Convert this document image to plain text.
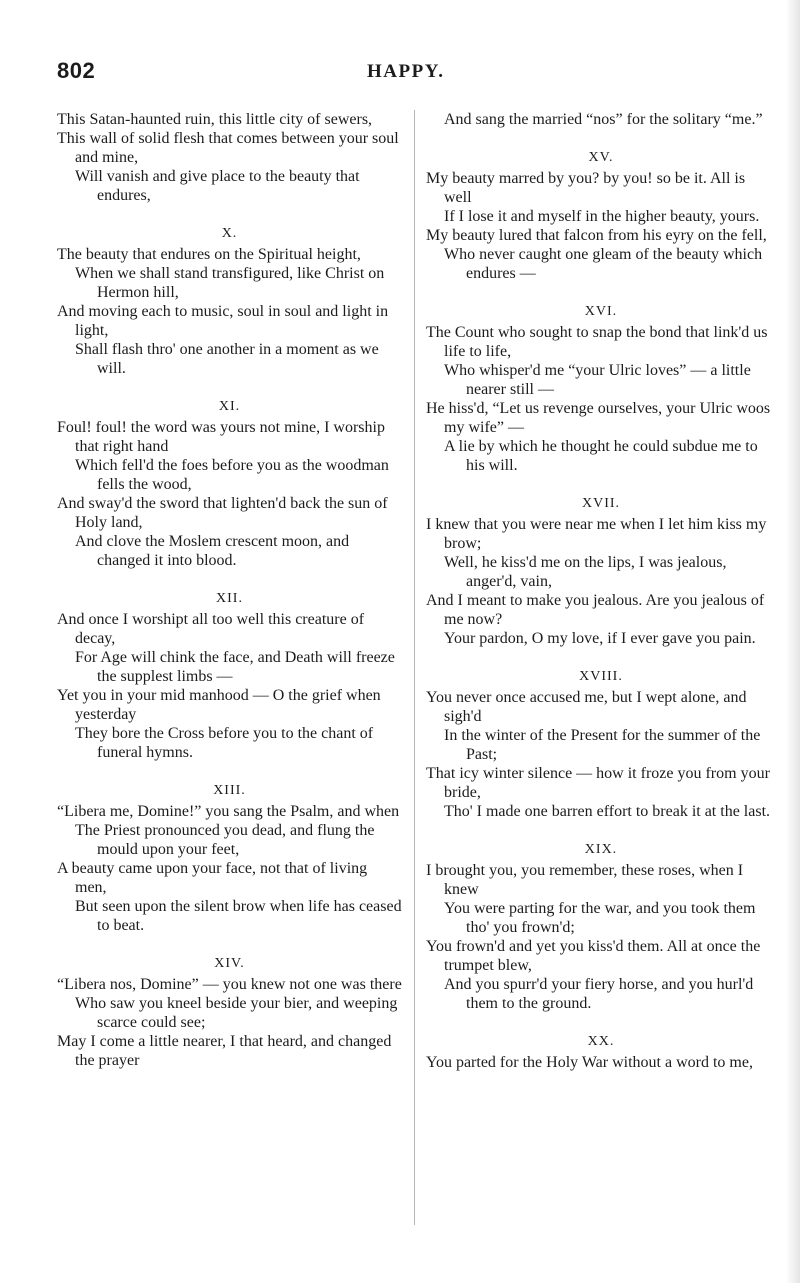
802	HAPPY.

This Satan-haunted ruin, this little city of sewers,

This wall of solid flesh that comes between your soul and mine,

Will vanish and give place to the beauty that endures,

X.

The beauty that endures on the Spiritual height,

When we shall stand transfigured, like Christ on Hermon hill,

And moving each to music, soul in soul and light in light,

Shall flash thro' one another in a moment as we will.

XI.

Foul! foul! the word was yours not mine, I worship that right hand

Which fell'd the foes before you as the woodman fells the wood,

And sway'd the sword that lighten'd back the sun of Holy land,

And clove the Moslem crescent moon, and changed it into blood.

XII.

And once I worshipt all too well this creature of decay,

For Age will chink the face, and Death will freeze the supplest limbs —

Yet you in your mid manhood — O the grief when yesterday

They bore the Cross before you to the chant of funeral hymns.

XIII.

“Libera me, Domine!” you sang the Psalm, and when

The Priest pronounced you dead, and flung the mould upon your feet,

A beauty came upon your face, not that of living men,

But seen upon the silent brow when life has ceased to beat.

XIV.

“Libera nos, Domine” — you knew not one was there

Who saw you kneel beside your bier, and weeping scarce could see;

May I come a little nearer, I that heard, and changed the prayer

And sang the married “nos” for the solitary “me.”

XV.

My beauty marred by you? by you! so be it. All is well

If I lose it and myself in the higher beauty, yours.

My beauty lured that falcon from his eyry on the fell,

Who never caught one gleam of the beauty which endures —

XVI.

The Count who sought to snap the bond that link'd us life to life,

Who whisper'd me “your Ulric loves” — a little nearer still —

He hiss'd, “Let us revenge ourselves, your Ulric woos my wife” —

A lie by which he thought he could subdue me to his will.

XVII.

I knew that you were near me when I let him kiss my brow;

Well, he kiss'd me on the lips, I was jealous, anger'd, vain,

And I meant to make you jealous. Are you jealous of me now?

Your pardon, O my love, if I ever gave you pain.

XVIII.

You never once accused me, but I wept alone, and sigh'd

In the winter of the Present for the summer of the Past;

That icy winter silence — how it froze you from your bride,

Tho' I made one barren effort to break it at the last.

XIX.

I brought you, you remember, these roses, when I knew

You were parting for the war, and you took them tho' you frown'd;

You frown'd and yet you kiss'd them. All at once the trumpet blew,

And you spurr'd your fiery horse, and you hurl'd them to the ground.

XX.

You parted for the Holy War without a word to me,
